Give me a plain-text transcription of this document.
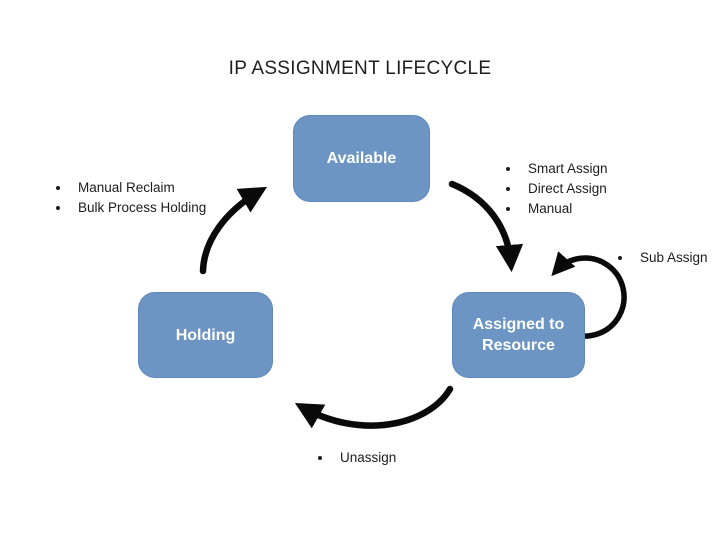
IP ASSIGNMENT LIFECYCLE
Available
Assigned to Resource
Holding
Smart Assign
Direct Assign
Manual
Sub Assign
Unassign
Manual Reclaim
Bulk Process Holding
